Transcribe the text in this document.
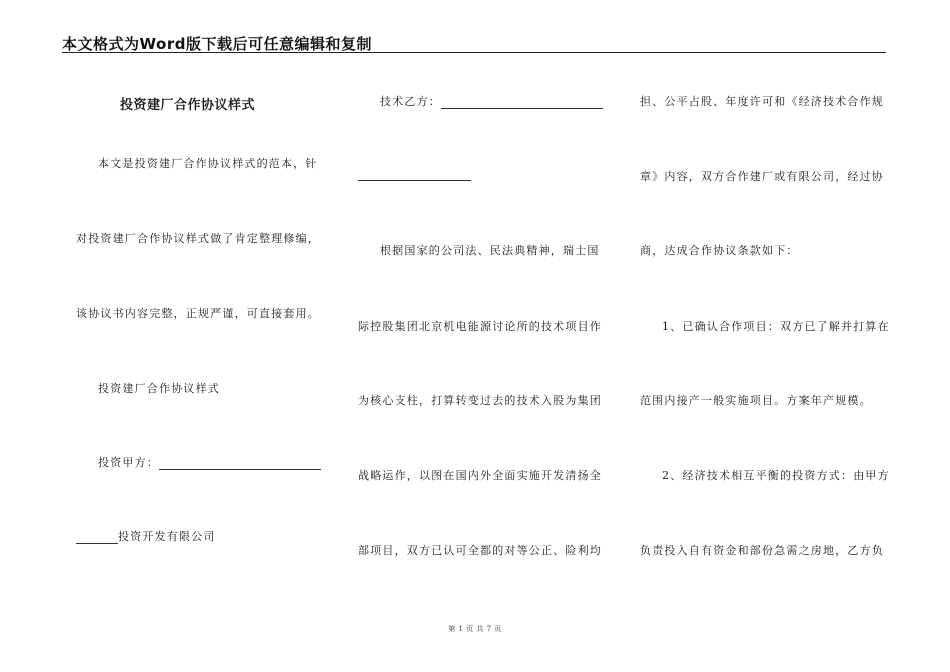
本文格式为Word版下载后可任意编辑和复制
投资建厂合作协议样式
本文是投资建厂合作协议样式的范本，针
对投资建厂合作协议样式做了肯定整理修编，
该协议书内容完整，正规严谨，可直接套用。
投资建厂合作协议样式
投资甲方：
投资开发有限公司
技术乙方：
根据国家的公司法、民法典精神，瑞士国
际控股集团北京机电能源讨论所的技术项目作
为核心支柱，打算转变过去的技术入股为集团
战略运作，以图在国内外全面实施开发清扬全
部项目，双方已认可全都的对等公正、险利均
担、公平占股、年度许可和《经济技术合作规
章》内容，双方合作建厂或有限公司，经过协
商，达成合作协议条款如下：
1、已确认合作项目：双方已了解并打算在
范围内接产一般实施项目。方案年产规模。
2、经济技术相互平衡的投资方式：由甲方
负责投入自有资金和部份急需之房地，乙方负
第 1 页 共 7 页
